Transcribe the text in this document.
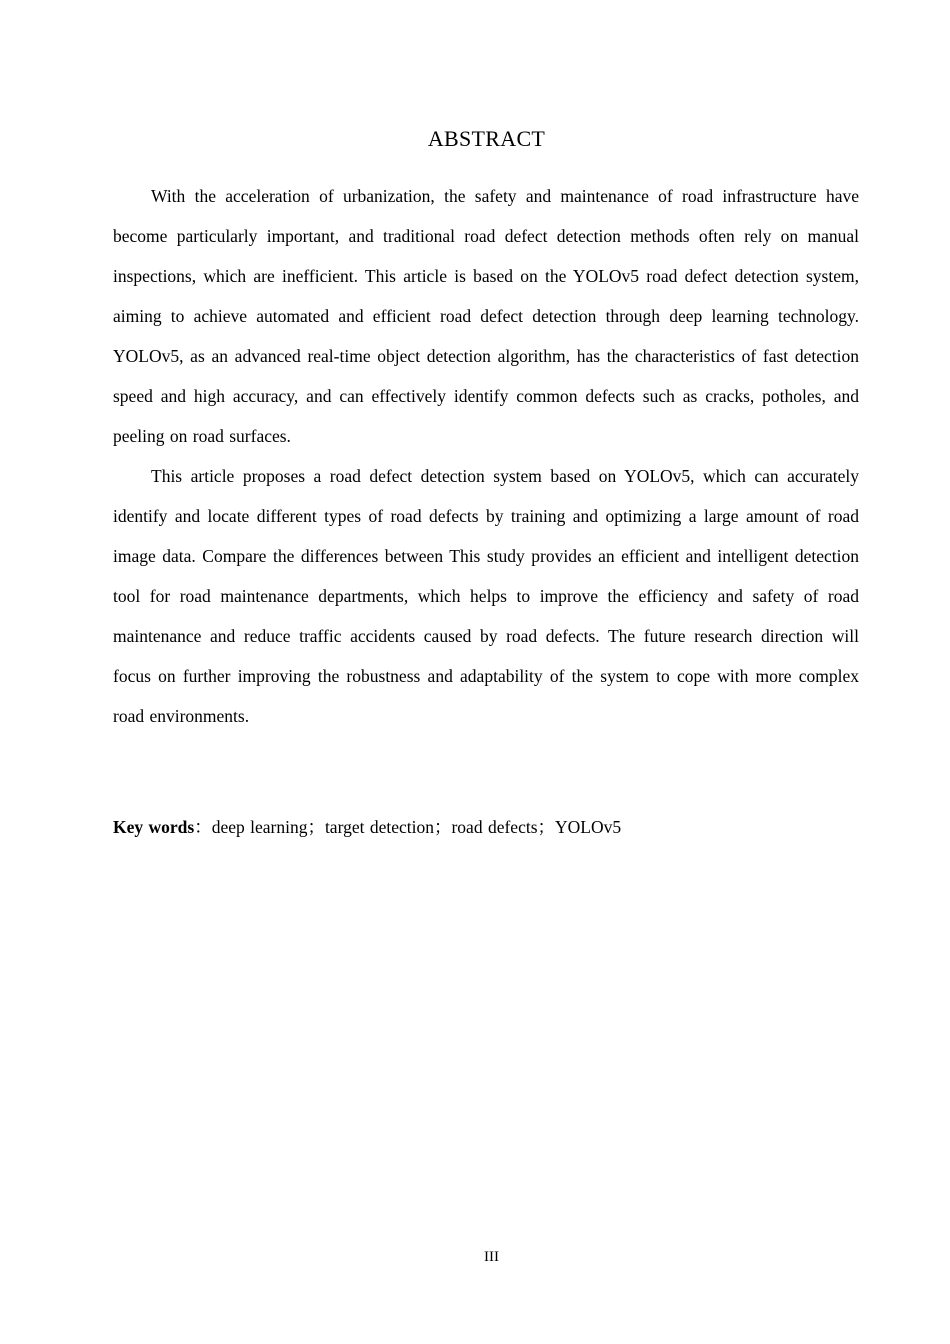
ABSTRACT

With the acceleration of urbanization, the safety and maintenance of road infrastructure have become particularly important, and traditional road defect detection methods often rely on manual inspections, which are inefficient. This article is based on the YOLOv5 road defect detection system, aiming to achieve automated and efficient road defect detection through deep learning technology. YOLOv5, as an advanced real-time object detection algorithm, has the characteristics of fast detection speed and high accuracy, and can effectively identify common defects such as cracks, potholes, and peeling on road surfaces.

This article proposes a road defect detection system based on YOLOv5, which can accurately identify and locate different types of road defects by training and optimizing a large amount of road image data. Compare the differences between This study provides an efficient and intelligent detection tool for road maintenance departments, which helps to improve the efficiency and safety of road maintenance and reduce traffic accidents caused by road defects. The future research direction will focus on further improving the robustness and adaptability of the system to cope with more complex road environments.

Key words：deep learning；target detection；road defects；YOLOv5

III
